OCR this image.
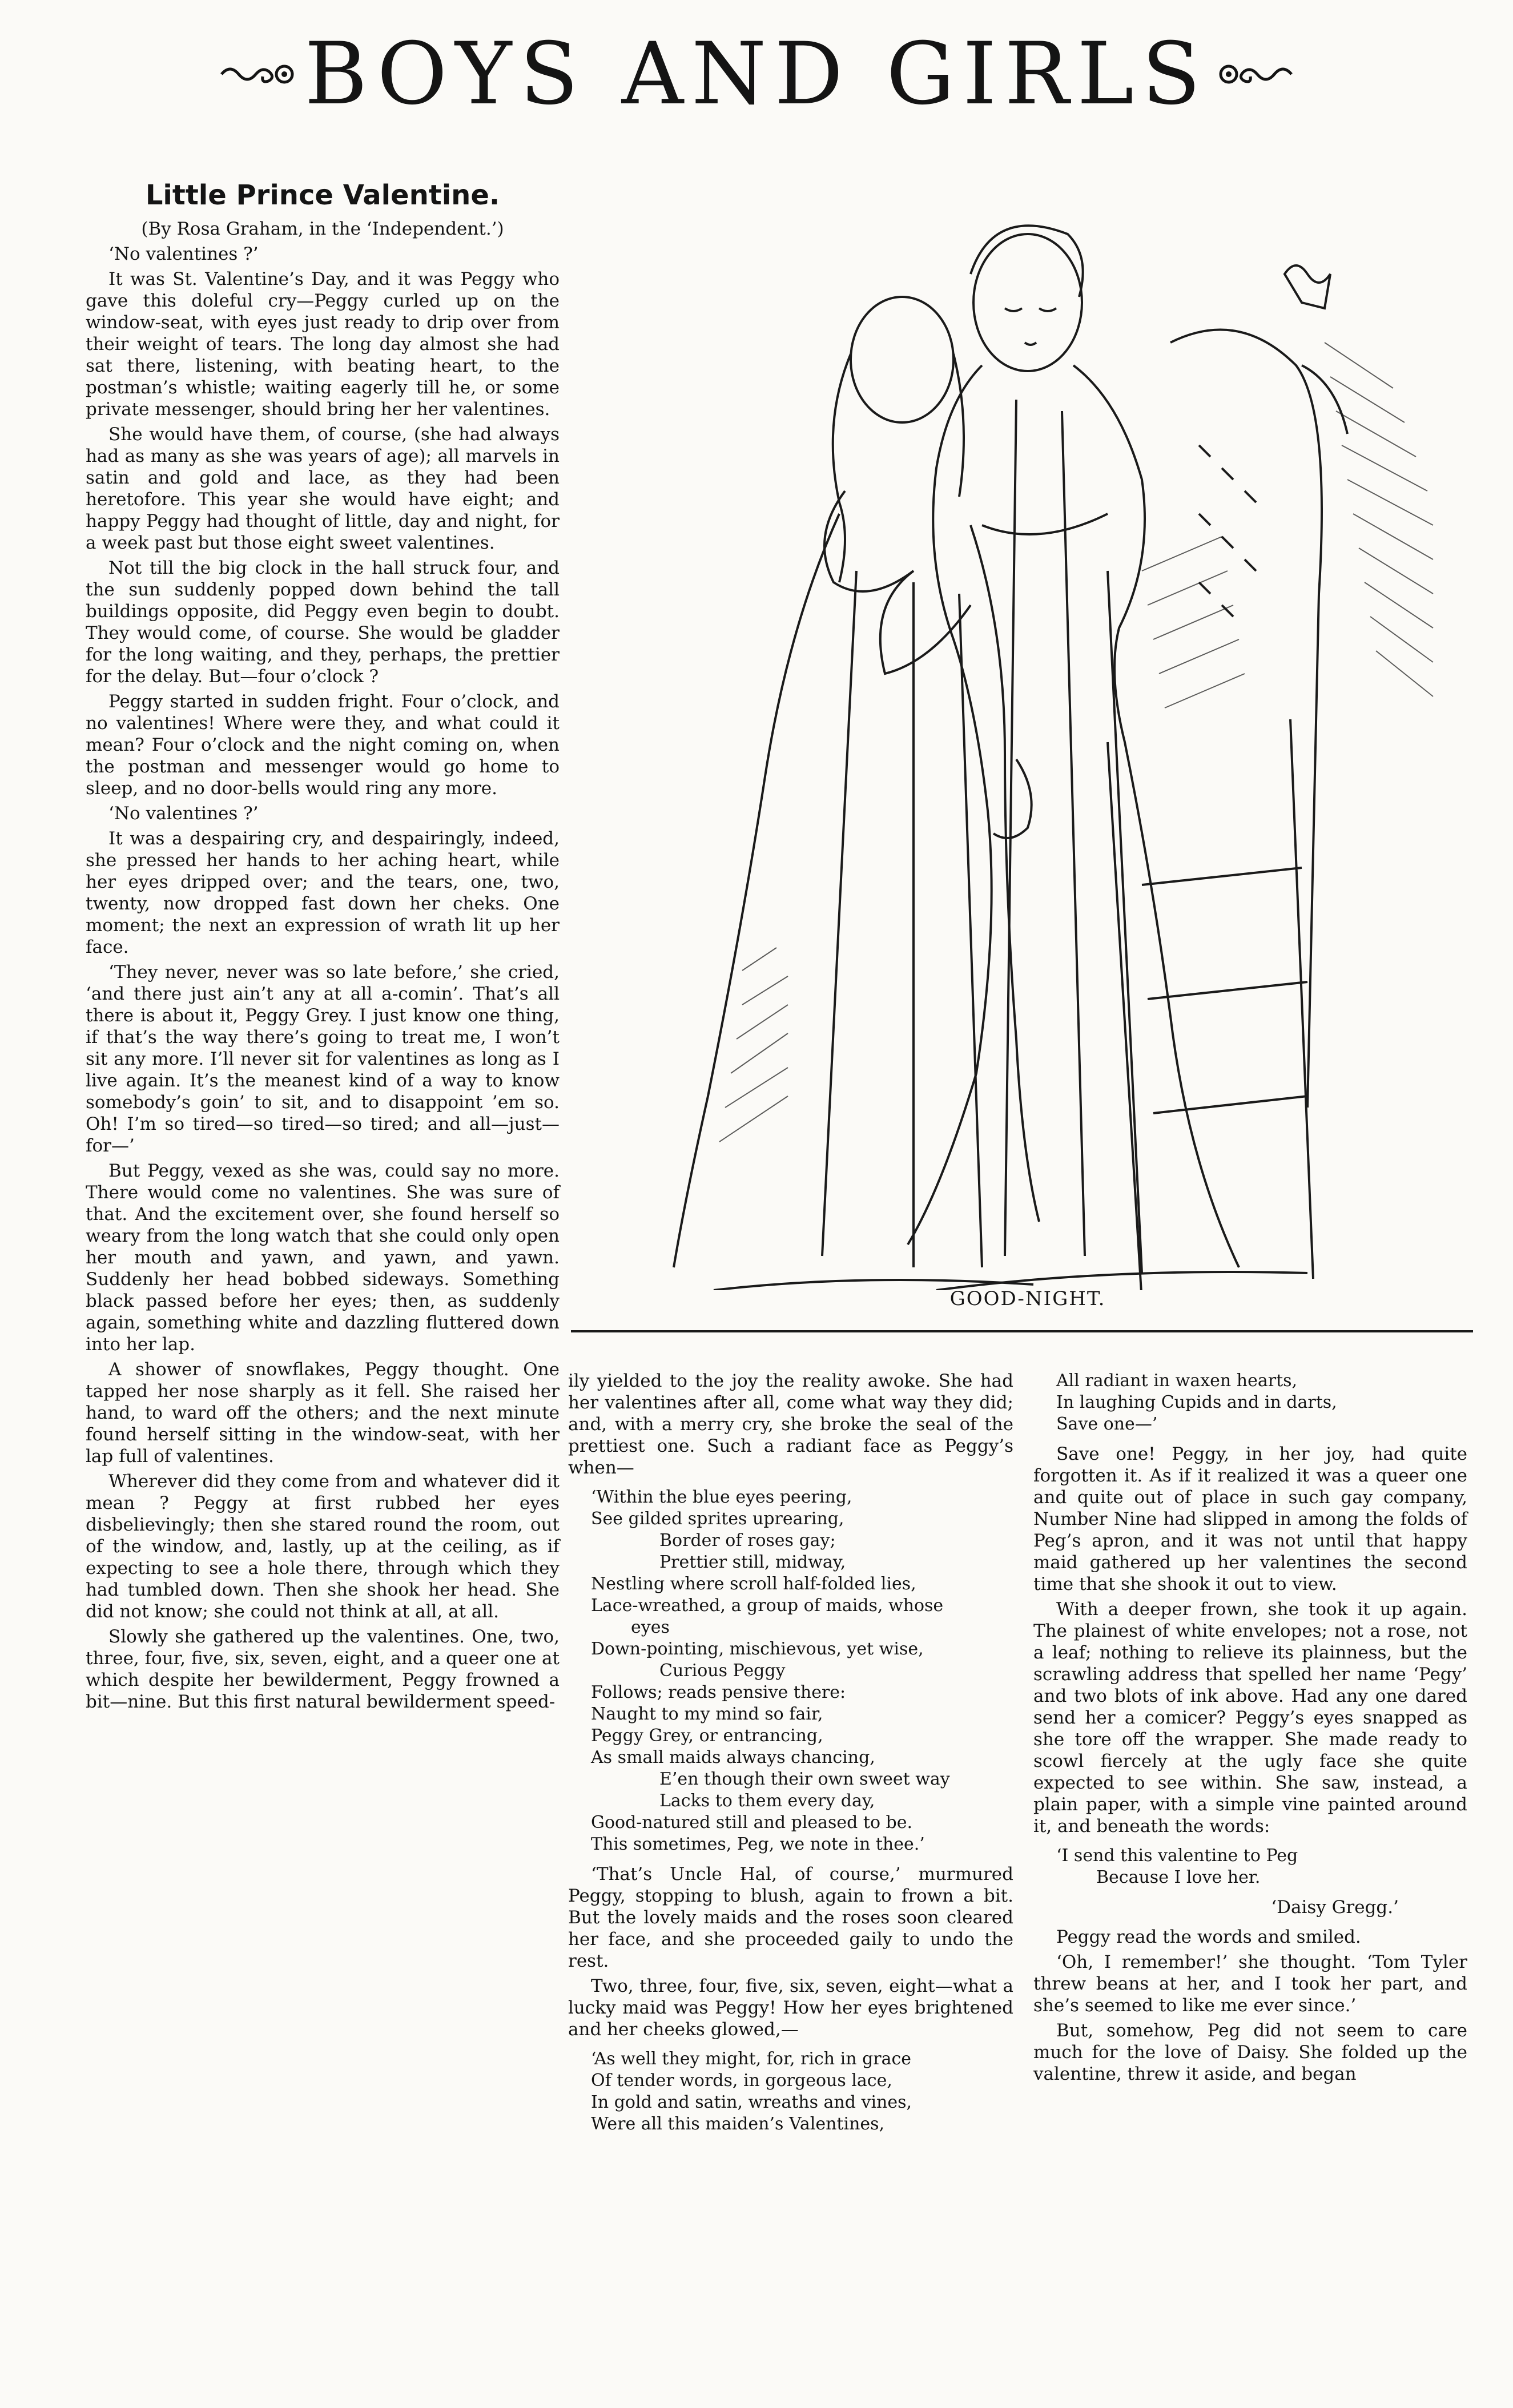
BOYS AND GIRLS
Little Prince Valentine.
(By Rosa Graham, in the ‘Independent.’)

‘No valentines ?’

It was St. Valentine’s Day, and it was Peggy who gave this doleful cry—Peggy curled up on the window-seat, with eyes just ready to drip over from their weight of tears. The long day almost she had sat there, listening, with beating heart, to the postman’s whistle; waiting eagerly till he, or some private messenger, should bring her her valentines.

She would have them, of course, (she had always had as many as she was years of age); all marvels in satin and gold and lace, as they had been heretofore. This year she would have eight; and happy Peggy had thought of little, day and night, for a week past but those eight sweet valentines.

Not till the big clock in the hall struck four, and the sun suddenly popped down behind the tall buildings opposite, did Peggy even begin to doubt. They would come, of course. She would be gladder for the long waiting, and they, perhaps, the prettier for the delay. But—four o’clock ?

Peggy started in sudden fright. Four o’clock, and no valentines! Where were they, and what could it mean? Four o’clock and the night coming on, when the postman and messenger would go home to sleep, and no door-bells would ring any more.

‘No valentines ?’

It was a despairing cry, and despairingly, indeed, she pressed her hands to her aching heart, while her eyes dripped over; and the tears, one, two, twenty, now dropped fast down her cheks. One moment; the next an expression of wrath lit up her face.

‘They never, never was so late before,’ she cried, ‘and there just ain’t any at all a-comin’. That’s all there is about it, Peggy Grey. I just know one thing, if that’s the way there’s going to treat me, I won’t sit any more. I’ll never sit for valentines as long as I live again. It’s the meanest kind of a way to know somebody’s goin’ to sit, and to disappoint ’em so. Oh! I’m so tired—so tired—so tired; and all—just—for—’

But Peggy, vexed as she was, could say no more. There would come no valentines. She was sure of that. And the excitement over, she found herself so weary from the long watch that she could only open her mouth and yawn, and yawn, and yawn. Suddenly her head bobbed sideways. Something black passed before her eyes; then, as suddenly again, something white and dazzling fluttered down into her lap.

A shower of snowflakes, Peggy thought. One tapped her nose sharply as it fell. She raised her hand, to ward off the others; and the next minute found herself sitting in the window-seat, with her lap full of valentines.

Wherever did they come from and whatever did it mean ? Peggy at first rubbed her eyes disbelievingly; then she stared round the room, out of the window, and, lastly, up at the ceiling, as if expecting to see a hole there, through which they had tumbled down. Then she shook her head. She did not know; she could not think at all, at all.

Slowly she gathered up the valentines. One, two, three, four, five, six, seven, eight, and a queer one at which despite her bewilderment, Peggy frowned a bit—nine. But this first natural bewilderment speed-

GOOD-NIGHT.

ily yielded to the joy the reality awoke. She had her valentines after all, come what way they did; and, with a merry cry, she broke the seal of the prettiest one. Such a radiant face as Peggy’s when—

‘Within the blue eyes peering,
See gilded sprites uprearing,
Border of roses gay;
Prettier still, midway,
Nestling where scroll half-folded lies,
Lace-wreathed, a group of maids, whose
eyes
Down-pointing, mischievous, yet wise,
Curious Peggy
Follows; reads pensive there:
Naught to my mind so fair,
Peggy Grey, or entrancing,
As small maids always chancing,
E’en though their own sweet way
Lacks to them every day,
Good-natured still and pleased to be.
This sometimes, Peg, we note in thee.’

‘That’s Uncle Hal, of course,’ murmured Peggy, stopping to blush, again to frown a bit. But the lovely maids and the roses soon cleared her face, and she proceeded gaily to undo the rest.

Two, three, four, five, six, seven, eight—what a lucky maid was Peggy! How her eyes brightened and her cheeks glowed,—

‘As well they might, for, rich in grace
Of tender words, in gorgeous lace,
In gold and satin, wreaths and vines,
Were all this maiden’s Valentines,
All radiant in waxen hearts,
In laughing Cupids and in darts,
Save one—’

Save one! Peggy, in her joy, had quite forgotten it. As if it realized it was a queer one and quite out of place in such gay company, Number Nine had slipped in among the folds of Peg’s apron, and it was not until that happy maid gathered up her valentines the second time that she shook it out to view.

With a deeper frown, she took it up again. The plainest of white envelopes; not a rose, not a leaf; nothing to relieve its plainness, but the scrawling address that spelled her name ‘Pegy’ and two blots of ink above. Had any one dared send her a comicer? Peggy’s eyes snapped as she tore off the wrapper. She made ready to scowl fiercely at the ugly face she quite expected to see within. She saw, instead, a plain paper, with a simple vine painted around it, and beneath the words:

‘I send this valentine to Peg
Because I love her.
‘Daisy Gregg.’

Peggy read the words and smiled.

‘Oh, I remember!’ she thought. ‘Tom Tyler threw beans at her, and I took her part, and she’s seemed to like me ever since.’

But, somehow, Peg did not seem to care much for the love of Daisy. She folded up the valentine, threw it aside, and began
